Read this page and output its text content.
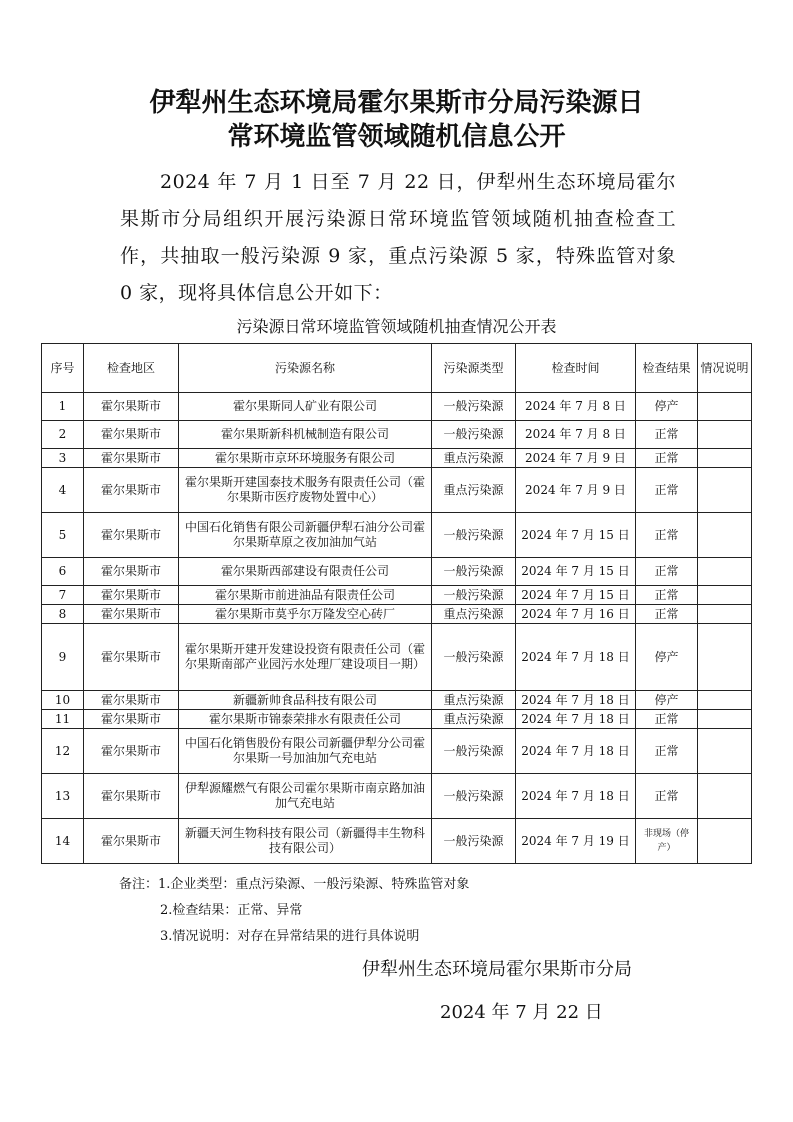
伊犁州生态环境局霍尔果斯市分局污染源日
常环境监管领域随机信息公开
2024 年 7 月 1 日至 7 月 22 日，伊犁州生态环境局霍尔果斯市分局组织开展污染源日常环境监管领域随机抽查检查工作，共抽取一般污染源 9 家，重点污染源 5 家，特殊监管对象 0 家，现将具体信息公开如下：
污染源日常环境监管领域随机抽查情况公开表
序号	检查地区	污染源名称	污染源类型	检查时间	检查结果	情况说明
1	霍尔果斯市	霍尔果斯同人矿业有限公司	一般污染源	2024 年 7 月 8 日	停产	
2	霍尔果斯市	霍尔果斯新科机械制造有限公司	一般污染源	2024 年 7 月 8 日	正常	
3	霍尔果斯市	霍尔果斯市京环环境服务有限公司	重点污染源	2024 年 7 月 9 日	正常	
4	霍尔果斯市	霍尔果斯开建国泰技术服务有限责任公司（霍尔果斯市医疗废物处置中心）	重点污染源	2024 年 7 月 9 日	正常	
5	霍尔果斯市	中国石化销售有限公司新疆伊犁石油分公司霍尔果斯草原之夜加油加气站	一般污染源	2024 年 7 月 15 日	正常	
6	霍尔果斯市	霍尔果斯西部建设有限责任公司	一般污染源	2024 年 7 月 15 日	正常	
7	霍尔果斯市	霍尔果斯市前进油品有限责任公司	一般污染源	2024 年 7 月 15 日	正常	
8	霍尔果斯市	霍尔果斯市莫乎尔万隆发空心砖厂	重点污染源	2024 年 7 月 16 日	正常	
9	霍尔果斯市	霍尔果斯开建开发建设投资有限责任公司（霍尔果斯南部产业园污水处理厂建设项目一期）	一般污染源	2024 年 7 月 18 日	停产	
10	霍尔果斯市	新疆新帅食品科技有限公司	重点污染源	2024 年 7 月 18 日	停产	
11	霍尔果斯市	霍尔果斯市锦泰荣排水有限责任公司	重点污染源	2024 年 7 月 18 日	正常	
12	霍尔果斯市	中国石化销售股份有限公司新疆伊犁分公司霍尔果斯一号加油加气充电站	一般污染源	2024 年 7 月 18 日	正常	
13	霍尔果斯市	伊犁源耀燃气有限公司霍尔果斯市南京路加油加气充电站	一般污染源	2024 年 7 月 18 日	正常	
14	霍尔果斯市	新疆天河生物科技有限公司（新疆得丰生物科技有限公司）	一般污染源	2024 年 7 月 19 日	非现场（停产）	
备注：1.企业类型：重点污染源、一般污染源、特殊监管对象
2.检查结果：正常、异常
3.情况说明：对存在异常结果的进行具体说明
伊犁州生态环境局霍尔果斯市分局
2024 年 7 月 22 日
